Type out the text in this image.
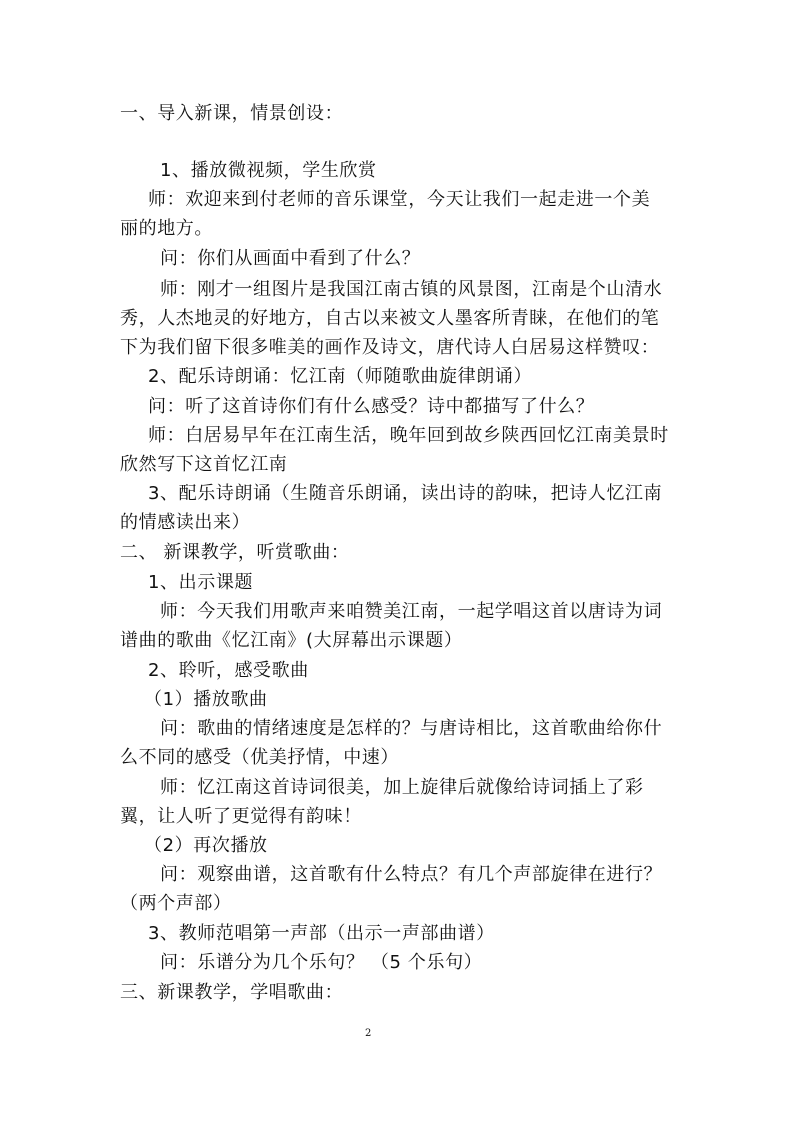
一、导入新课，情景创设：
1、播放微视频，学生欣赏
师：欢迎来到付老师的音乐课堂，今天让我们一起走进一个美
丽的地方。
问：你们从画面中看到了什么？
师：刚才一组图片是我国江南古镇的风景图，江南是个山清水
秀，人杰地灵的好地方，自古以来被文人墨客所青睐，在他们的笔
下为我们留下很多唯美的画作及诗文，唐代诗人白居易这样赞叹：
2、配乐诗朗诵：忆江南（师随歌曲旋律朗诵）
问：听了这首诗你们有什么感受？诗中都描写了什么？
师：白居易早年在江南生活，晚年回到故乡陕西回忆江南美景时
欣然写下这首忆江南
3、配乐诗朗诵（生随音乐朗诵，读出诗的韵味，把诗人忆江南
的情感读出来）
二、 新课教学，听赏歌曲：
1、出示课题
师：今天我们用歌声来咱赞美江南，一起学唱这首以唐诗为词
谱曲的歌曲《忆江南》(大屏幕出示课题）
2、聆听，感受歌曲
（1）播放歌曲
问：歌曲的情绪速度是怎样的？与唐诗相比，这首歌曲给你什
么不同的感受（优美抒情，中速）
师：忆江南这首诗词很美，加上旋律后就像给诗词插上了彩
翼，让人听了更觉得有韵味！
（2）再次播放
问：观察曲谱，这首歌有什么特点？有几个声部旋律在进行？
（两个声部）
3、教师范唱第一声部（出示一声部曲谱）
问：乐谱分为几个乐句？ （5 个乐句）
三、新课教学，学唱歌曲：
2
